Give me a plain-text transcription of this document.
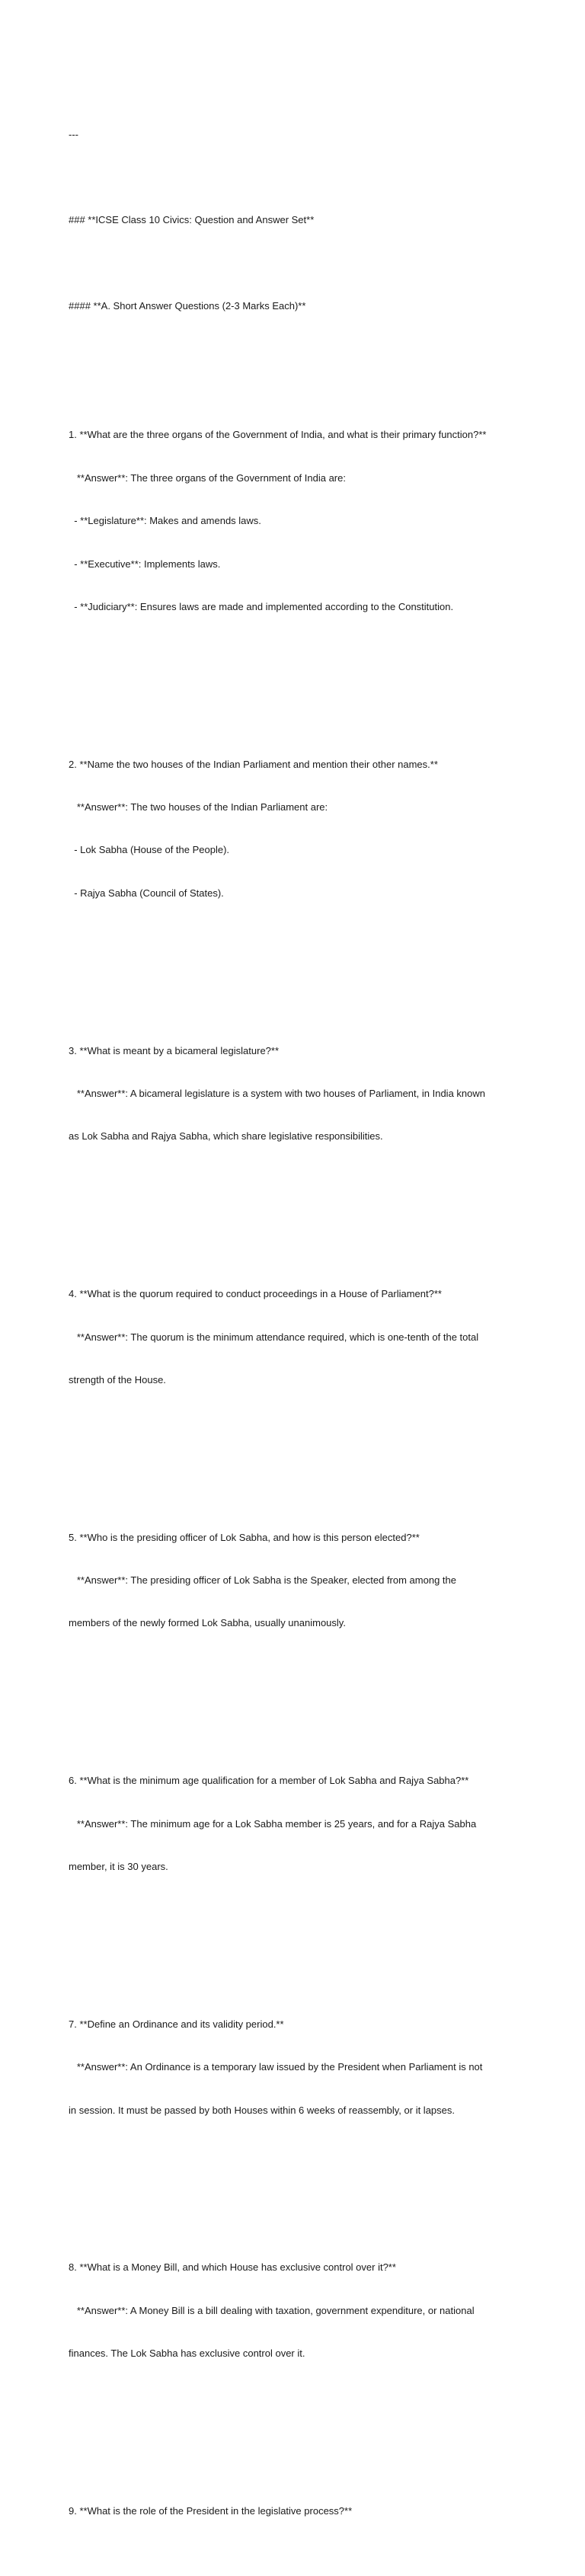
---

### **ICSE Class 10 Civics: Question and Answer Set**

#### **A. Short Answer Questions (2-3 Marks Each)**

1. **What are the three organs of the Government of India, and what is their primary function?**

**Answer**: The three organs of the Government of India are:

- **Legislature**: Makes and amends laws.

- **Executive**: Implements laws.

- **Judiciary**: Ensures laws are made and implemented according to the Constitution.

2. **Name the two houses of the Indian Parliament and mention their other names.**

**Answer**: The two houses of the Indian Parliament are:

- Lok Sabha (House of the People).

- Rajya Sabha (Council of States).

3. **What is meant by a bicameral legislature?**

**Answer**: A bicameral legislature is a system with two houses of Parliament, in India known

as Lok Sabha and Rajya Sabha, which share legislative responsibilities.

4. **What is the quorum required to conduct proceedings in a House of Parliament?**

**Answer**: The quorum is the minimum attendance required, which is one-tenth of the total

strength of the House.

5. **Who is the presiding officer of Lok Sabha, and how is this person elected?**

**Answer**: The presiding officer of Lok Sabha is the Speaker, elected from among the

members of the newly formed Lok Sabha, usually unanimously.

6. **What is the minimum age qualification for a member of Lok Sabha and Rajya Sabha?**

**Answer**: The minimum age for a Lok Sabha member is 25 years, and for a Rajya Sabha

member, it is 30 years.

7. **Define an Ordinance and its validity period.**

**Answer**: An Ordinance is a temporary law issued by the President when Parliament is not

in session. It must be passed by both Houses within 6 weeks of reassembly, or it lapses.

8. **What is a Money Bill, and which House has exclusive control over it?**

**Answer**: A Money Bill is a bill dealing with taxation, government expenditure, or national

finances. The Lok Sabha has exclusive control over it.

9. **What is the role of the President in the legislative process?**
